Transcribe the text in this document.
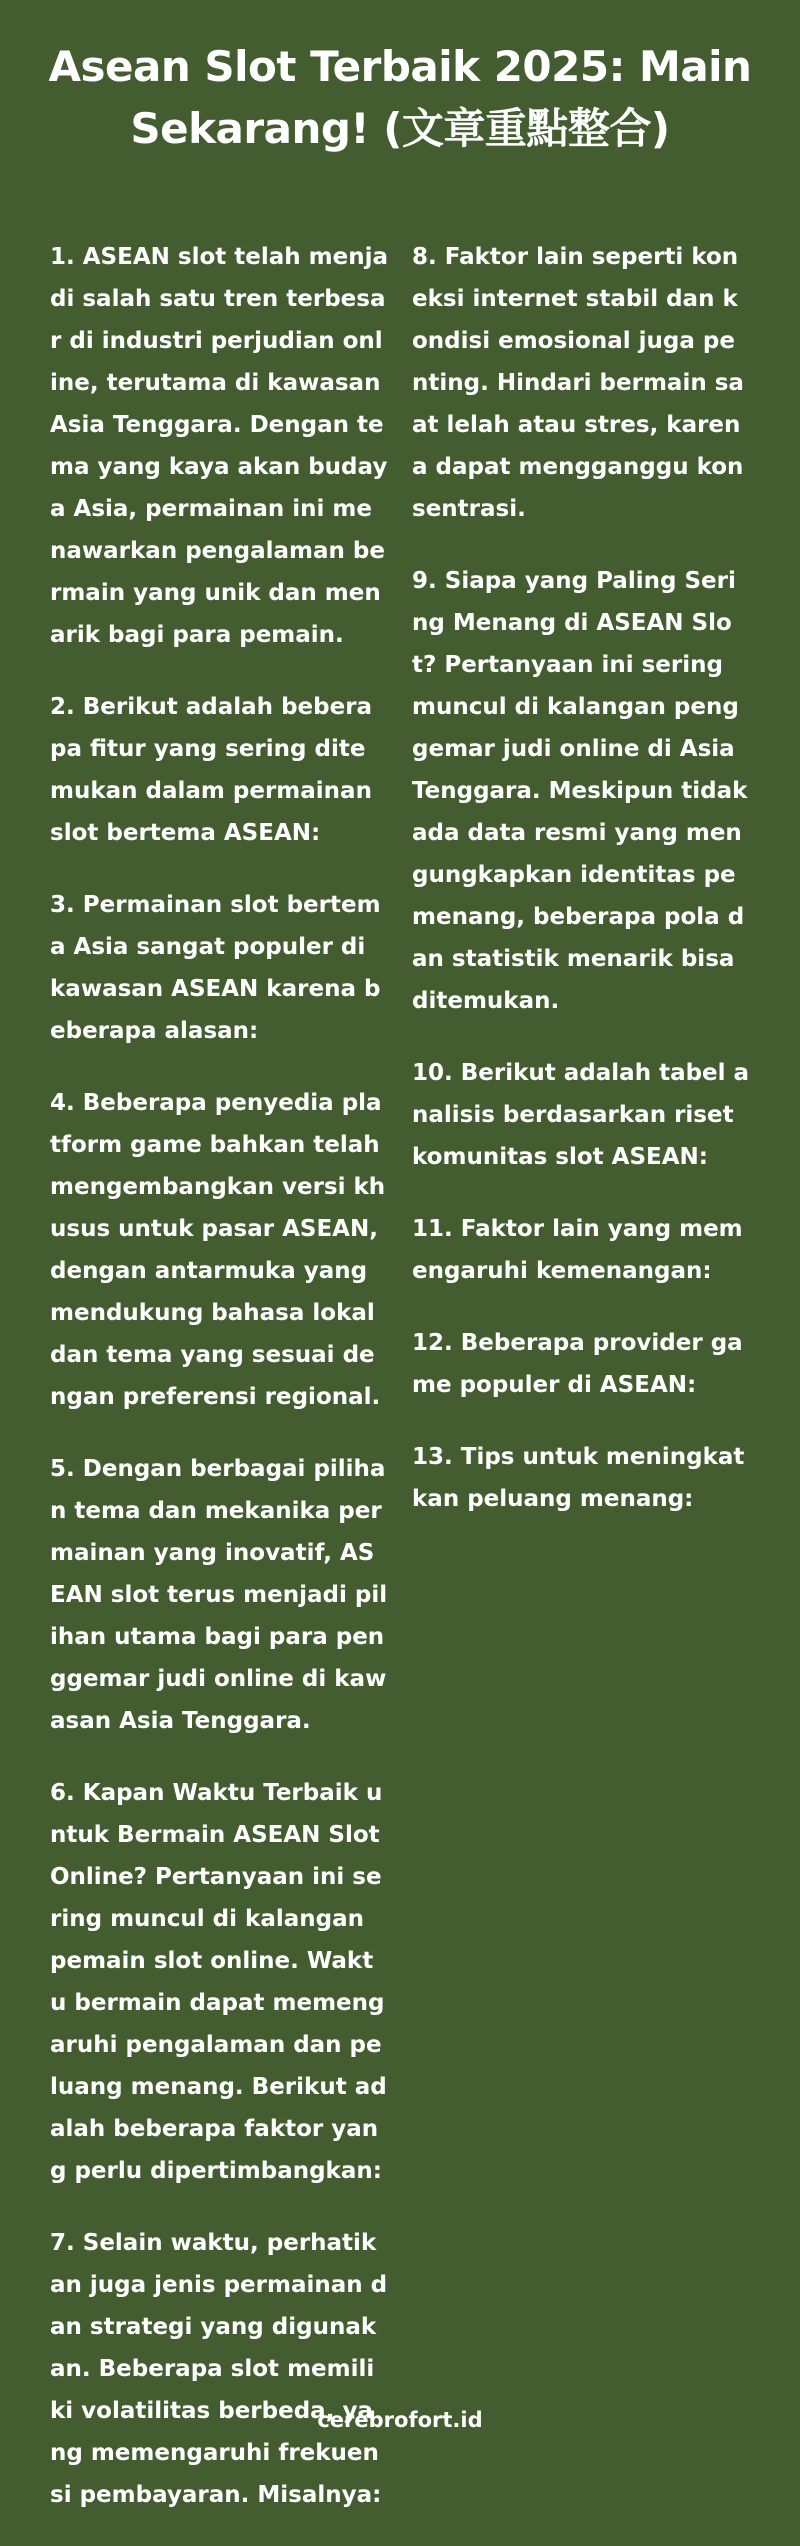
Asean Slot Terbaik 2025: Main Sekarang! (文章重點整合)

1. ASEAN slot telah menjadi salah satu tren terbesar di industri perjudian online, terutama di kawasan Asia Tenggara. Dengan tema yang kaya akan budaya Asia, permainan ini menawarkan pengalaman bermain yang unik dan menarik bagi para pemain.

2. Berikut adalah beberapa fitur yang sering ditemukan dalam permainan slot bertema ASEAN:

3. Permainan slot bertema Asia sangat populer di kawasan ASEAN karena beberapa alasan:

4. Beberapa penyedia platform game bahkan telah mengembangkan versi khusus untuk pasar ASEAN, dengan antarmuka yang mendukung bahasa lokal dan tema yang sesuai dengan preferensi regional.

5. Dengan berbagai pilihan tema dan mekanika permainan yang inovatif, ASEAN slot terus menjadi pilihan utama bagi para penggemar judi online di kawasan Asia Tenggara.

6. Kapan Waktu Terbaik untuk Bermain ASEAN Slot Online? Pertanyaan ini sering muncul di kalangan pemain slot online. Waktu bermain dapat memengaruhi pengalaman dan peluang menang. Berikut adalah beberapa faktor yang perlu dipertimbangkan:

7. Selain waktu, perhatikan juga jenis permainan dan strategi yang digunakan. Beberapa slot memiliki volatilitas berbeda, yang memengaruhi frekuensi pembayaran. Misalnya:

8. Faktor lain seperti koneksi internet stabil dan kondisi emosional juga penting. Hindari bermain saat lelah atau stres, karena dapat mengganggu konsentrasi.

9. Siapa yang Paling Sering Menang di ASEAN Slot? Pertanyaan ini sering muncul di kalangan penggemar judi online di Asia Tenggara. Meskipun tidak ada data resmi yang mengungkapkan identitas pemenang, beberapa pola dan statistik menarik bisa ditemukan.

10. Berikut adalah tabel analisis berdasarkan riset komunitas slot ASEAN:

11. Faktor lain yang memengaruhi kemenangan:

12. Beberapa provider game populer di ASEAN:

13. Tips untuk meningkatkan peluang menang:

cerebrofort.id
